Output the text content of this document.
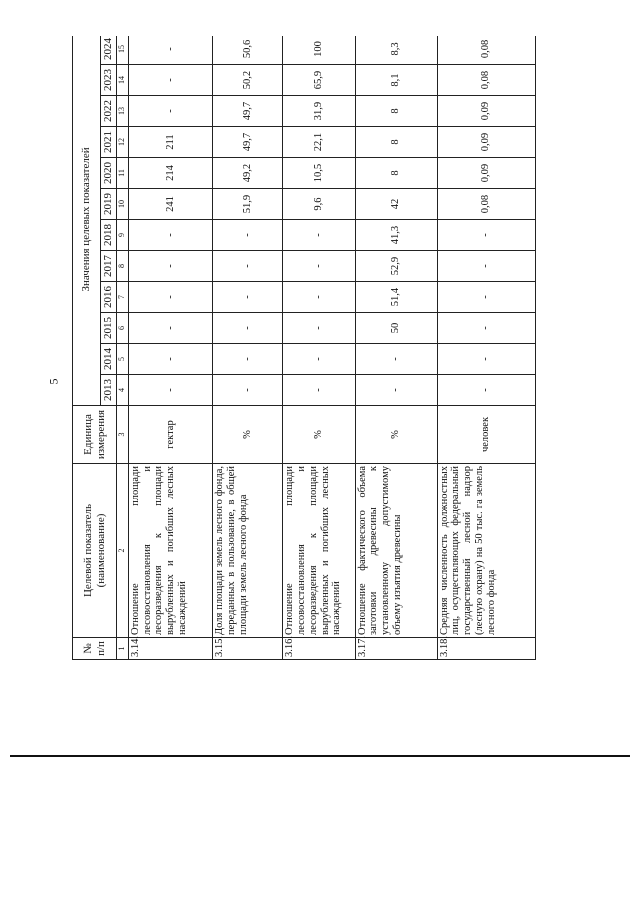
5
№ п/п	Целевой показатель (наименование)	Единица измерения	Значения целевых показателей											
			2013	2014	2015	2016	2017	2018	2019	2020	2021	2022	2023	2024
1	2	3	4	5	6	7	8	9	10	11	12	13	14	15
3.14.	Отношение площади лесовосстановления и лесоразведения к площади вырубленных и погибших лесных насаждений	гектар	-	-	-	-	-	-	241	214	211	-	-	-
3.15.	Доля площади земель лесного фонда, переданных в пользование, в общей площади земель лесного фонда	%	-	-	-	-	-	-	51,9	49,2	49,7	49,7	50,2	50,6
3.16.	Отношение площади лесовосстановления и лесоразведения к площади вырубленных и погибших лесных насаждений	%	-	-	-	-	-	-	9,6	10,5	22,1	31,9	65,9	100
3.17.	Отношение фактического объема заготовки древесины к установленному допустимому объему изъятия древесины	%	-	-	50	51,4	52,9	41,3	42	8	8	8	8,1	8,3
3.18.	Средняя численность должностных лиц, осуществляющих федеральный государственный лесной надзор (лесную охрану) на 50 тыс. га земель лесного фонда	человек	-	-	-	-	-	-	0,08	0,09	0,09	0,09	0,08	0,08
